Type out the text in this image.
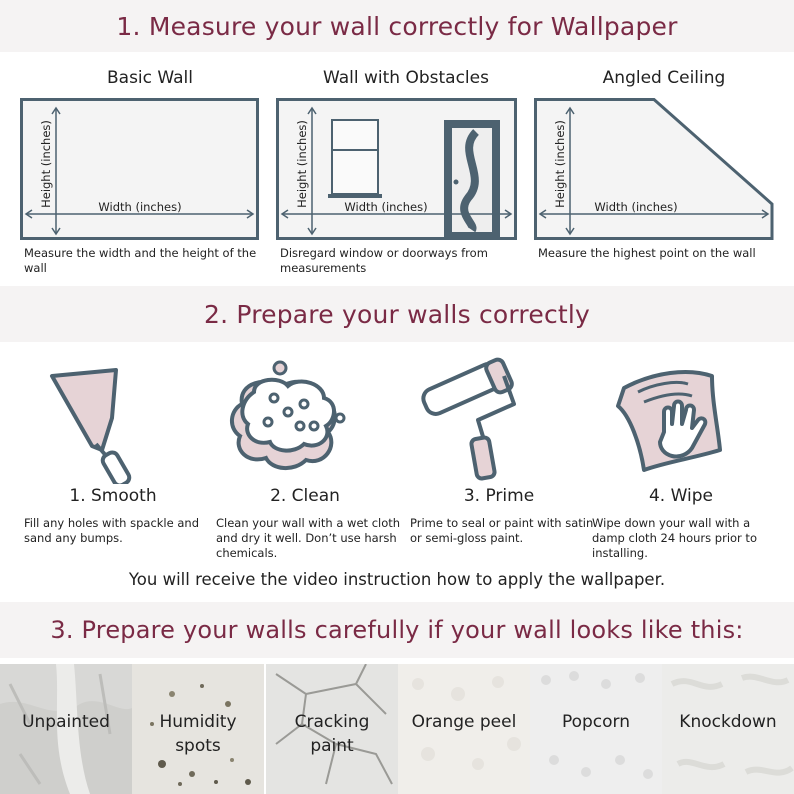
1. Measure your wall correctly for Wallpaper
Basic Wall
Width (inches)
Height (inches)
Measure the width and the height of the wall
Wall with Obstacles
Width (inches)
Height (inches)
Disregard window or doorways from measurements
Angled Ceiling
Width (inches)
Height (inches)
Measure the highest point on the wall
2. Prepare your walls correctly
1. Smooth
Fill any holes with spackle and sand any bumps.
2. Clean
Clean your wall with a wet cloth and dry it well. Don’t use harsh chemicals.
3. Prime
Prime to seal or paint with satin or semi-gloss paint.
4. Wipe
Wipe down your wall with a damp cloth 24 hours prior to installing.
You will receive the video instruction how to apply the wallpaper.
3. Prepare your walls carefully if your wall looks like this:
Unpainted	Humidity
spots
Cracking
paint
Orange peel	Popcorn	Knockdown
